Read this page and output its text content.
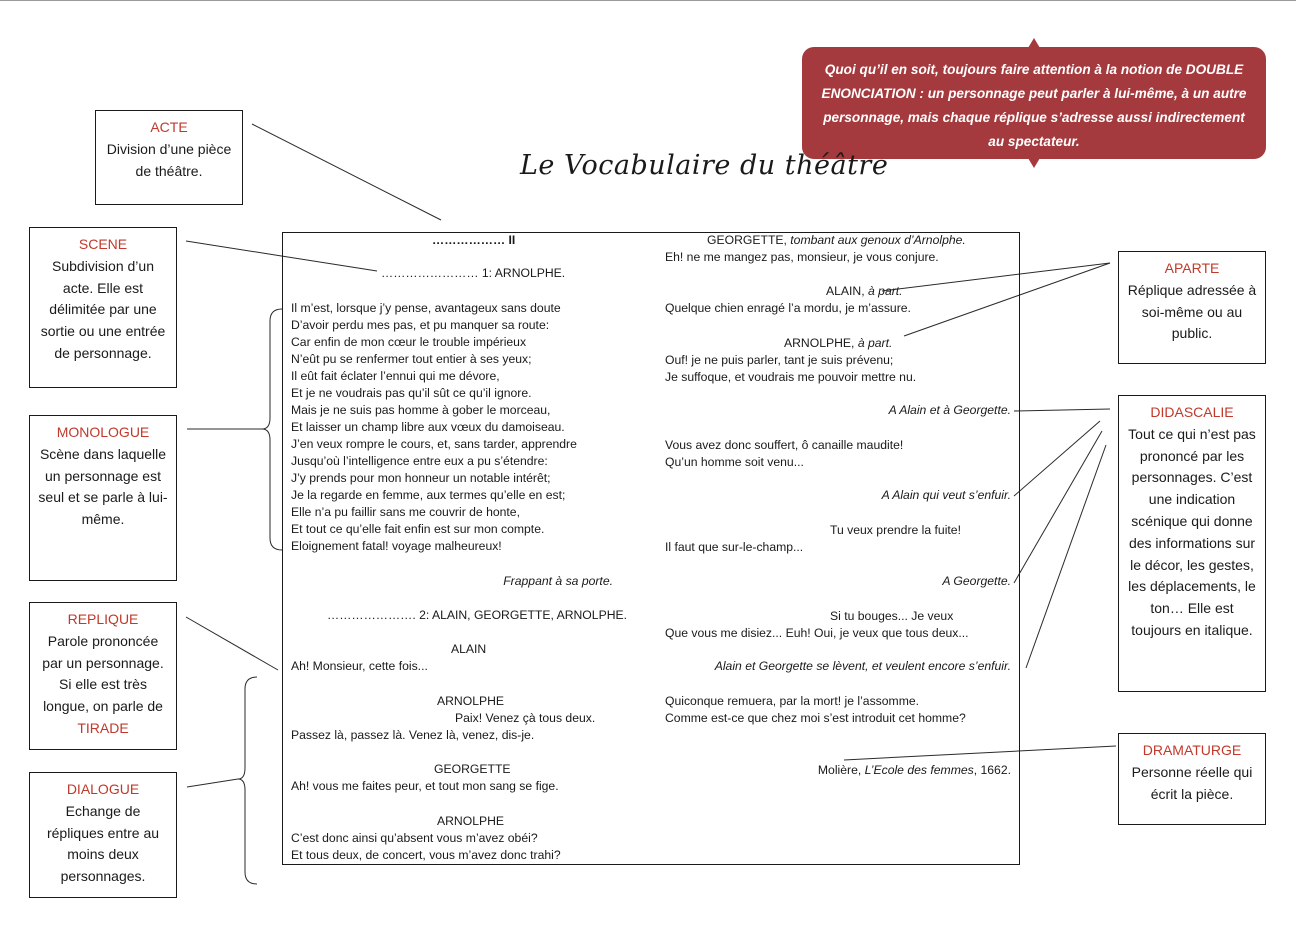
Quoi qu’il en soit, toujours faire attention à la notion de DOUBLE ENONCIATION : un personnage peut parler à lui-même, à un autre personnage, mais chaque réplique s’adresse aussi indirectement au spectateur.
Le Vocabulaire du théâtre
ACTE
Division d’une pièce de théâtre.
SCENE
Subdivision d’un acte. Elle est délimitée par une sortie ou une entrée de personnage.
MONOLOGUE
Scène dans laquelle un personnage est seul et se parle à lui-même.
REPLIQUE
Parole prononcée par un personnage. Si elle est très longue, on parle de TIRADE
DIALOGUE
Echange de répliques entre au moins deux personnages.
APARTE
Réplique adressée à soi-même ou au public.
DIDASCALIE
Tout ce qui n’est pas prononcé par les personnages. C’est une indication scénique qui donne des informations sur le décor, les gestes, les déplacements, le ton… Elle est toujours en italique.
DRAMATURGE
Personne réelle qui écrit la pièce.
……………… II
…………………… 1: ARNOLPHE.
Il m’est, lorsque j’y pense, avantageux sans doute
D’avoir perdu mes pas, et pu manquer sa route:
Car enfin de mon cœur le trouble impérieux
N’eût pu se renfermer tout entier à ses yeux;
Il eût fait éclater l’ennui qui me dévore,
Et je ne voudrais pas qu’il sût ce qu’il ignore.
Mais je ne suis pas homme à gober le morceau,
Et laisser un champ libre aux vœux du damoiseau.
J’en veux rompre le cours, et, sans tarder, apprendre
Jusqu’où l’intelligence entre eux a pu s’étendre:
J’y prends pour mon honneur un notable intérêt;
Je la regarde en femme, aux termes qu’elle en est;
Elle n’a pu faillir sans me couvrir de honte,
Et tout ce qu’elle fait enfin est sur mon compte.
Eloignement fatal! voyage malheureux!
Frappant à sa porte.
…………………. 2: ALAIN, GEORGETTE, ARNOLPHE.
ALAIN
Ah! Monsieur, cette fois...
ARNOLPHE
Paix! Venez çà tous deux.
Passez là, passez là. Venez là, venez, dis-je.
GEORGETTE
Ah! vous me faites peur, et tout mon sang se fige.
ARNOLPHE
C’est donc ainsi qu’absent vous m’avez obéi?
Et tous deux, de concert, vous m’avez donc trahi?
GEORGETTE, tombant aux genoux d’Arnolphe.
Eh! ne me mangez pas, monsieur, je vous conjure.
ALAIN, à part.
Quelque chien enragé l’a mordu, je m’assure.
ARNOLPHE, à part.
Ouf! je ne puis parler, tant je suis prévenu;
Je suffoque, et voudrais me pouvoir mettre nu.
A Alain et à Georgette.
Vous avez donc souffert, ô canaille maudite!
Qu’un homme soit venu...
A Alain qui veut s’enfuir.
Tu veux prendre la fuite!
Il faut que sur-le-champ...
A Georgette.
Si tu bouges... Je veux
Que vous me disiez... Euh! Oui, je veux que tous deux...
Alain et Georgette se lèvent, et veulent encore s’enfuir.
Quiconque remuera, par la mort! je l’assomme.
Comme est-ce que chez moi s’est introduit cet homme?
Molière, L’Ecole des femmes, 1662.
